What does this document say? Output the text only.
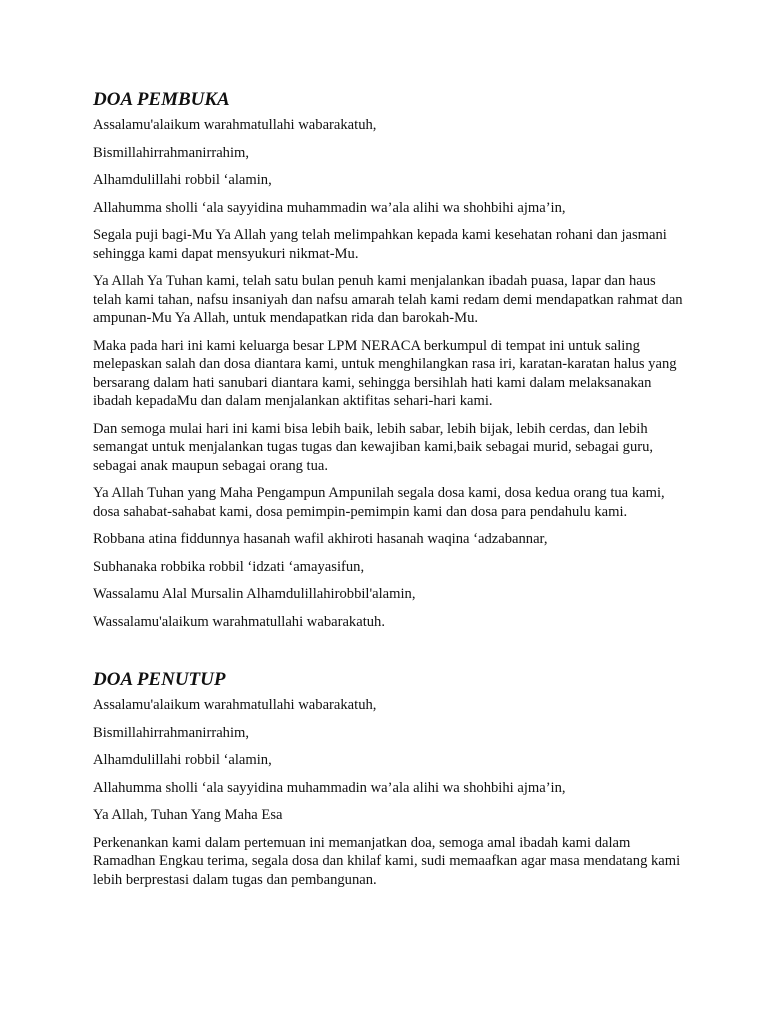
DOA PEMBUKA

Assalamu'alaikum warahmatullahi wabarakatuh,

Bismillahirrahmanirrahim,

Alhamdulillahi robbil ‘alamin,

Allahumma sholli ‘ala sayyidina muhammadin wa’ala alihi wa shohbihi ajma’in,

Segala puji bagi-Mu Ya Allah yang telah melimpahkan kepada kami kesehatan rohani dan jasmani sehingga kami dapat mensyukuri nikmat-Mu.

Ya Allah Ya Tuhan kami, telah satu bulan penuh kami menjalankan ibadah puasa, lapar dan haus telah kami tahan, nafsu insaniyah dan nafsu amarah telah kami redam demi mendapatkan rahmat dan ampunan-Mu Ya Allah, untuk mendapatkan rida dan barokah-Mu.

Maka pada hari ini kami keluarga besar LPM NERACA berkumpul di tempat ini untuk saling melepaskan salah dan dosa diantara kami, untuk menghilangkan rasa iri, karatan-karatan halus yang bersarang dalam hati sanubari diantara kami, sehingga bersihlah hati kami dalam melaksanakan ibadah kepadaMu dan dalam menjalankan aktifitas sehari-hari kami.

Dan semoga mulai hari ini kami bisa lebih baik, lebih sabar, lebih bijak, lebih cerdas, dan lebih semangat untuk menjalankan tugas tugas dan kewajiban kami,baik sebagai murid, sebagai guru, sebagai anak maupun sebagai orang tua.

Ya Allah Tuhan yang Maha Pengampun Ampunilah segala dosa kami, dosa kedua orang tua kami, dosa sahabat-sahabat kami, dosa pemimpin-pemimpin kami dan dosa para pendahulu kami.

Robbana atina fiddunnya hasanah wafil akhiroti hasanah waqina ‘adzabannar,

Subhanaka robbika robbil ‘idzati ‘amayasifun,

Wassalamu Alal Mursalin Alhamdulillahirobbil'alamin,

Wassalamu'alaikum warahmatullahi wabarakatuh.

DOA PENUTUP

Assalamu'alaikum warahmatullahi wabarakatuh,

Bismillahirrahmanirrahim,

Alhamdulillahi robbil ‘alamin,

Allahumma sholli ‘ala sayyidina muhammadin wa’ala alihi wa shohbihi ajma’in,

Ya Allah, Tuhan Yang Maha Esa

Perkenankan kami dalam pertemuan ini memanjatkan doa, semoga amal ibadah kami dalam Ramadhan Engkau terima, segala dosa dan khilaf kami, sudi memaafkan agar masa mendatang kami lebih berprestasi dalam tugas dan pembangunan.
